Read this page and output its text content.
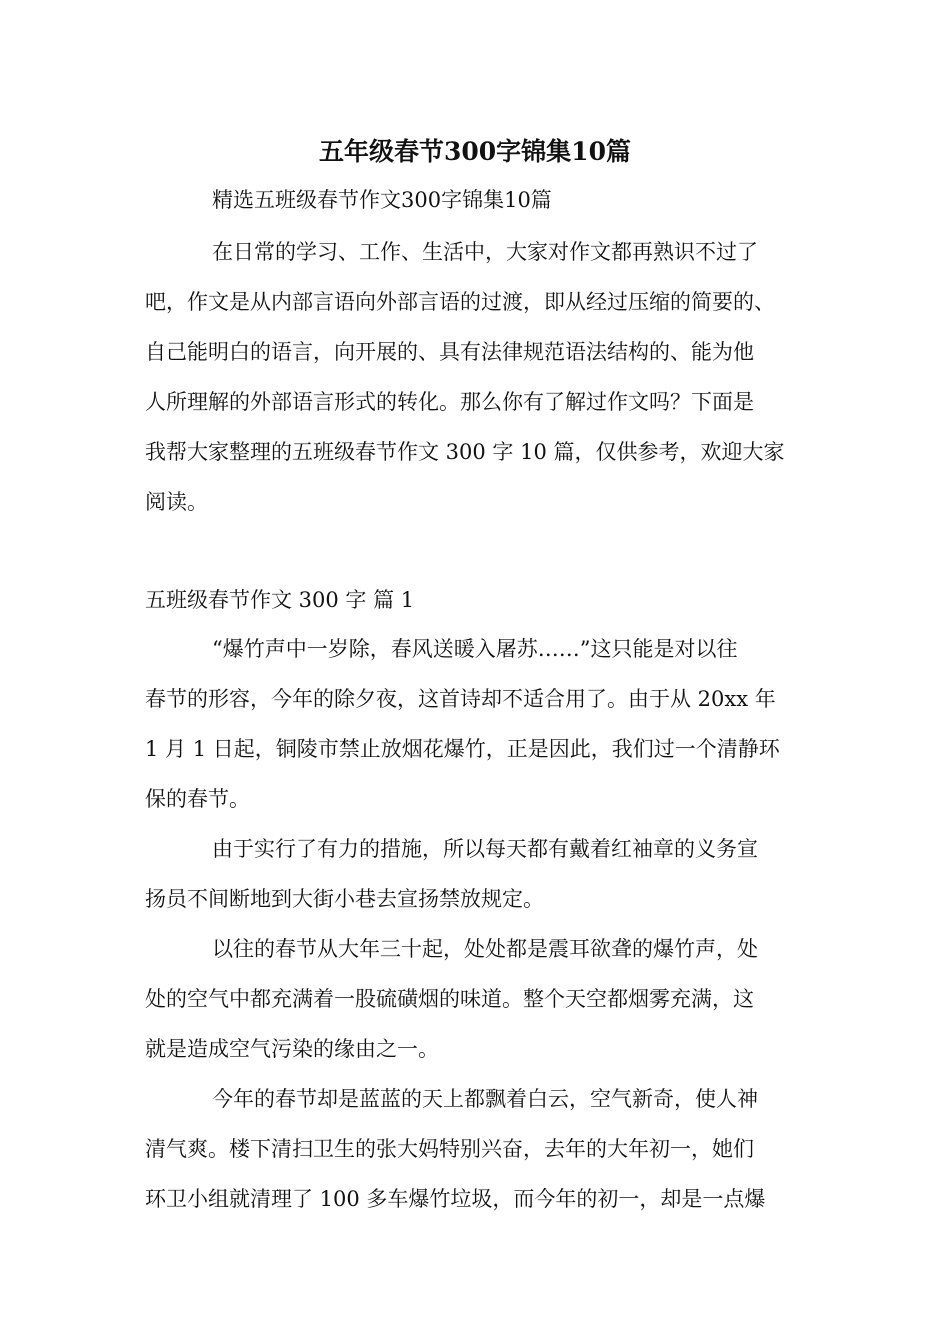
五年级春节300字锦集10篇
精选五班级春节作文300字锦集10篇
在日常的学习、工作、生活中，大家对作文都再熟识不过了
吧，作文是从内部言语向外部言语的过渡，即从经过压缩的简要的、
自己能明白的语言，向开展的、具有法律规范语法结构的、能为他
人所理解的外部语言形式的转化。那么你有了解过作文吗？下面是
我帮大家整理的五班级春节作文 300 字 10 篇，仅供参考，欢迎大家
阅读。
五班级春节作文 300 字 篇 1
“爆竹声中一岁除，春风送暖入屠苏……”这只能是对以往
春节的形容，今年的除夕夜，这首诗却不适合用了。由于从 20xx 年
1 月 1 日起，铜陵市禁止放烟花爆竹，正是因此，我们过一个清静环
保的春节。
由于实行了有力的措施，所以每天都有戴着红袖章的义务宣
扬员不间断地到大街小巷去宣扬禁放规定。
以往的春节从大年三十起，处处都是震耳欲聋的爆竹声，处
处的空气中都充满着一股硫磺烟的味道。整个天空都烟雾充满，这
就是造成空气污染的缘由之一。
今年的春节却是蓝蓝的天上都飘着白云，空气新奇，使人神
清气爽。楼下清扫卫生的张大妈特别兴奋，去年的大年初一，她们
环卫小组就清理了 100 多车爆竹垃圾，而今年的初一，却是一点爆
